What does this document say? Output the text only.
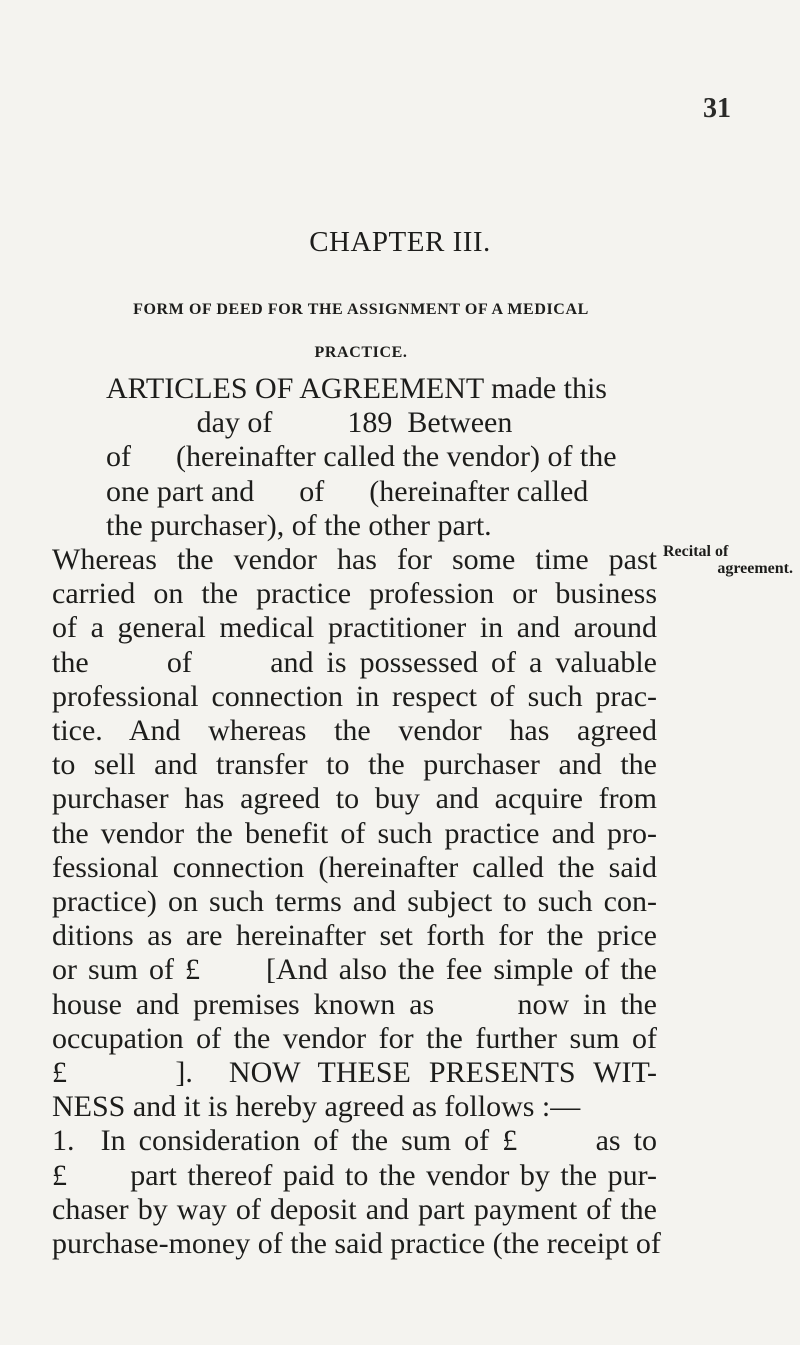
31
CHAPTER III.
FORM OF DEED FOR THE ASSIGNMENT OF A MEDICAL
PRACTICE.
Recital of
agreement.
ARTICLES OF AGREEMENT made this
day of          189  Between
of      (hereinafter called the vendor) of the
one part and      of      (hereinafter called
the purchaser), of the other part.
Whereas the vendor has for some time past
carried on the practice profession or business
of a general medical practitioner in and around
the      of      and is possessed of a valuable
professional connection in respect of such prac-
tice. And whereas the vendor has agreed
to sell and transfer to the purchaser and the
purchaser has agreed to buy and acquire from
the vendor the benefit of such practice and pro-
fessional connection (hereinafter called the said
practice) on such terms and subject to such con-
ditions as are hereinafter set forth for the price
or sum of £      [And also the fee simple of the
house and premises known as      now in the
occupation of the vendor for the further sum of
£      ].  NOW THESE PRESENTS WIT-
NESS and it is hereby agreed as follows :—
1.  In consideration of the sum of £      as to
£      part thereof paid to the vendor by the pur-
chaser by way of deposit and part payment of the
purchase-money of the said practice (the receipt of
